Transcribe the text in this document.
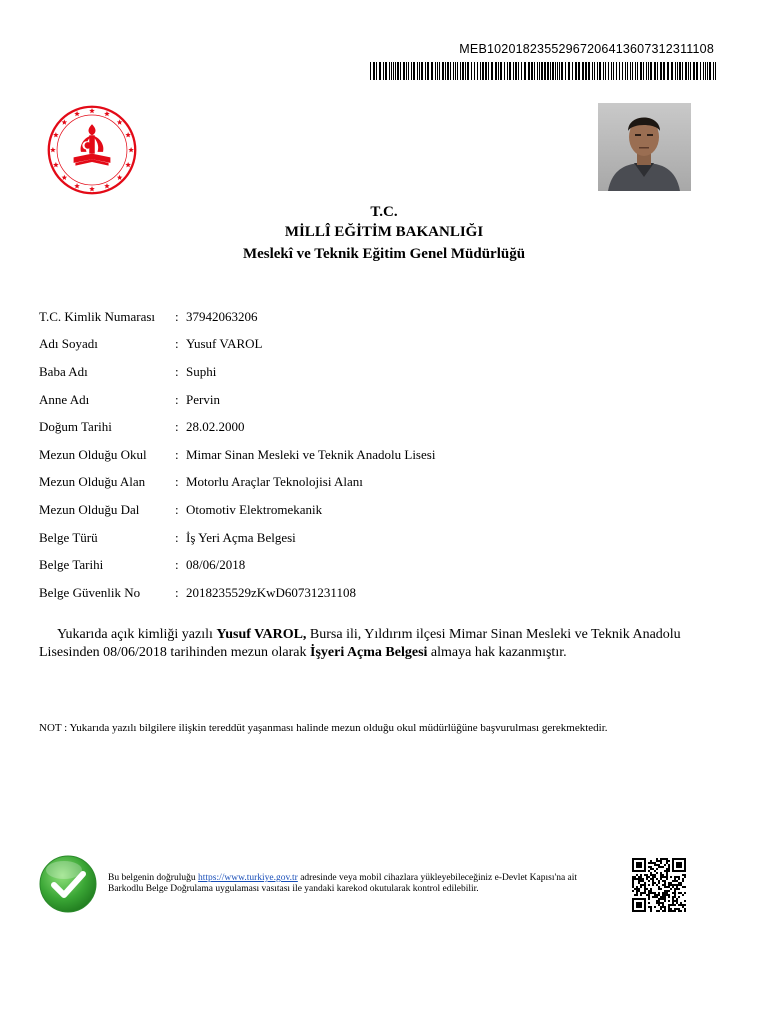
MEB10201823552967206413607312311108
T.C.
MİLLÎ EĞİTİM BAKANLIĞI
Meslekî ve Teknik Eğitim Genel Müdürlüğü
T.C. Kimlik Numarası : 37942063206
Adı Soyadı	: Yusuf VAROL
Baba Adı	: Suphi
Anne Adı	: Pervin
Doğum Tarihi	: 28.02.2000
Mezun Olduğu Okul : Mimar Sinan Mesleki ve Teknik Anadolu Lisesi
Mezun Olduğu Alan : Motorlu Araçlar Teknolojisi Alanı
Mezun Olduğu Dal	: Otomotiv Elektromekanik
Belge Türü	: İş Yeri Açma Belgesi
Belge Tarihi	: 08/06/2018
Belge Güvenlik No	: 2018235529zKwD60731231108
Yukarıda açık kimliği yazılı Yusuf VAROL, Bursa ili, Yıldırım ilçesi Mimar Sinan Mesleki ve Teknik Anadolu Lisesinden 08/06/2018 tarihinden mezun olarak İşyeri Açma Belgesi almaya hak kazanmıştır.
NOT : Yukarıda yazılı bilgilere ilişkin tereddüt yaşanması halinde mezun olduğu okul müdürlüğüne başvurulması gerekmektedir.
Bu belgenin doğruluğu https://www.turkiye.gov.tr adresinde veya mobil cihazlara yükleyebileceğiniz e-Devlet Kapısı'na ait Barkodlu Belge Doğrulama uygulaması vasıtası ile yandaki karekod okutularak kontrol edilebilir.
